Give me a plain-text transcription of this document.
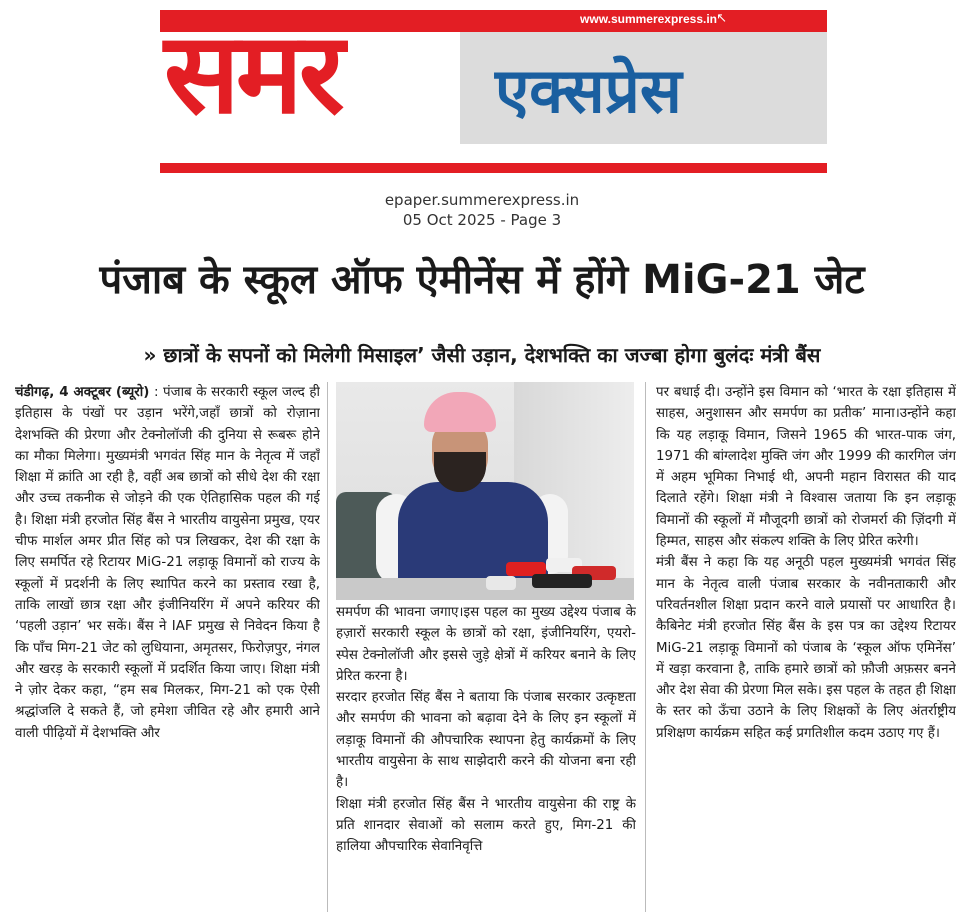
www.summerexpress.in ↖
समर एक्सप्रेस
epaper.summerexpress.in
05 Oct 2025 - Page 3
पंजाब के स्कूल ऑफ ऐमीनेंस में होंगे MiG-21 जेट
» छात्रों के सपनों को मिलेगी मिसाइल’ जैसी उड़ान, देशभक्ति का जज्बा होगा बुलंदः मंत्री बैंस

चंडीगढ़, 4 अक्टूबर (ब्यूरो) : पंजाब के सरकारी स्कूल जल्द ही इतिहास के पंखों पर उड़ान भरेंगे,जहाँ छात्रों को रोज़ाना देशभक्ति की प्रेरणा और टेक्नोलॉजी की दुनिया से रूबरू होने का मौका मिलेगा। मुख्यमंत्री भगवंत सिंह मान के नेतृत्व में जहाँ शिक्षा में क्रांति आ रही है, वहीं अब छात्रों को सीधे देश की रक्षा और उच्च तकनीक से जोड़ने की एक ऐतिहासिक पहल की गई है। शिक्षा मंत्री हरजोत सिंह बैंस ने भारतीय वायुसेना प्रमुख, एयर चीफ मार्शल अमर प्रीत सिंह को पत्र लिखकर, देश की रक्षा के लिए समर्पित रहे रिटायर MiG-21 लड़ाकू विमानों को राज्य के स्कूलों में प्रदर्शनी के लिए स्थापित करने का प्रस्ताव रखा है, ताकि लाखों छात्र रक्षा और इंजीनियरिंग में अपने करियर की ‘पहली उड़ान’ भर सकें। बैंस ने IAF प्रमुख से निवेदन किया है कि पाँच मिग-21 जेट को लुधियाना, अमृतसर, फिरोज़पुर, नंगल और खरड़ के सरकारी स्कूलों में प्रदर्शित किया जाए। शिक्षा मंत्री ने ज़ोर देकर कहा, “हम सब मिलकर, मिग-21 को एक ऐसी श्रद्धांजलि दे सकते हैं, जो हमेशा जीवित रहे और हमारी आने वाली पीढ़ियों में देशभक्ति और

समर्पण की भावना जगाए।इस पहल का मुख्य उद्देश्य पंजाब के हज़ारों सरकारी स्कूल के छात्रों को रक्षा, इंजीनियरिंग, एयरो-स्पेस टेक्नोलॉजी और इससे जुड़े क्षेत्रों में करियर बनाने के लिए प्रेरित करना है।

सरदार हरजोत सिंह बैंस ने बताया कि पंजाब सरकार उत्कृष्टता और समर्पण की भावना को बढ़ावा देने के लिए इन स्कूलों में लड़ाकू विमानों की औपचारिक स्थापना हेतु कार्यक्रमों के लिए भारतीय वायुसेना के साथ साझेदारी करने की योजना बना रही है।

शिक्षा मंत्री हरजोत सिंह बैंस ने भारतीय वायुसेना की राष्ट्र के प्रति शानदार सेवाओं को सलाम करते हुए, मिग-21 की हालिया औपचारिक सेवानिवृत्ति

पर बधाई दी। उन्होंने इस विमान को ‘भारत के रक्षा इतिहास में साहस, अनुशासन और समर्पण का प्रतीक’ माना।उन्होंने कहा कि यह लड़ाकू विमान, जिसने 1965 की भारत-पाक जंग, 1971 की बांग्लादेश मुक्ति जंग और 1999 की कारगिल जंग में अहम भूमिका निभाई थी, अपनी महान विरासत की याद दिलाते रहेंगे। शिक्षा मंत्री ने विश्वास जताया कि इन लड़ाकू विमानों की स्कूलों में मौजूदगी छात्रों को रोजमर्रा की ज़िंदगी में हिम्मत, साहस और संकल्प शक्ति के लिए प्रेरित करेगी।

मंत्री बैंस ने कहा कि यह अनूठी पहल मुख्यमंत्री भगवंत सिंह मान के नेतृत्व वाली पंजाब सरकार के नवीनताकारी और परिवर्तनशील शिक्षा प्रदान करने वाले प्रयासों पर आधारित है। कैबिनेट मंत्री हरजोत सिंह बैंस के इस पत्र का उद्देश्य रिटायर MiG-21 लड़ाकू विमानों को पंजाब के ‘स्कूल ऑफ एमिनेंस’ में खड़ा करवाना है, ताकि हमारे छात्रों को फ़ौजी अफ़सर बनने और देश सेवा की प्रेरणा मिल सके। इस पहल के तहत ही शिक्षा के स्तर को ऊँचा उठाने के लिए शिक्षकों के लिए अंतर्राष्ट्रीय प्रशिक्षण कार्यक्रम सहित कई प्रगतिशील कदम उठाए गए हैं।
